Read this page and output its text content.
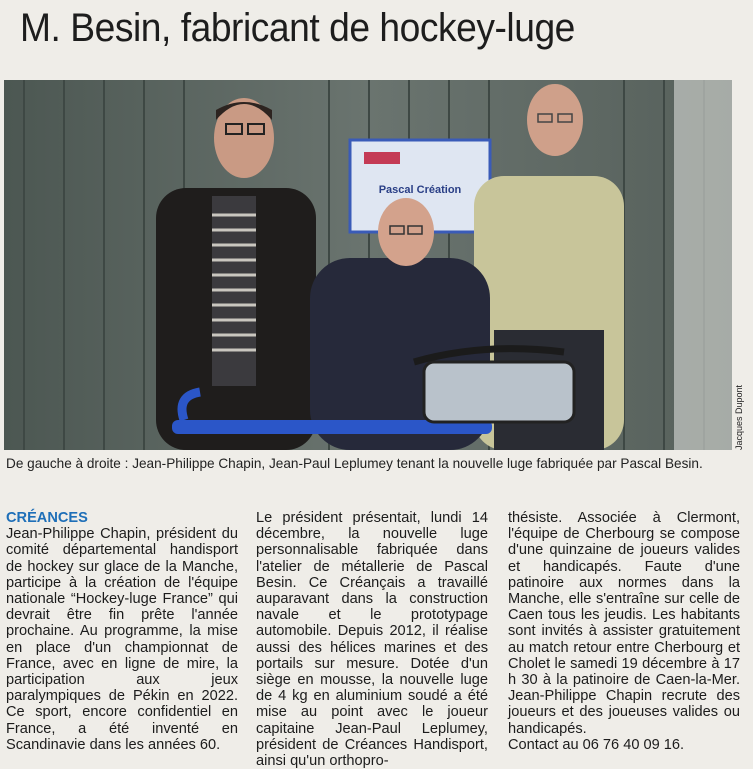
M. Besin, fabricant de hockey-luge
Pascal Création
Jacques Dupont
De gauche à droite : Jean-Philippe Chapin, Jean-Paul Leplumey tenant la nouvelle luge fabriquée par Pascal Besin.
CRÉANCES

Jean-Philippe Chapin, président du comité départemental handisport de hockey sur glace de la Manche, participe à la création de l'équipe nationale “Hockey-luge France” qui devrait être fin prête l'année prochaine. Au programme, la mise en place d'un championnat de France, avec en ligne de mire, la participation aux jeux paralympiques de Pékin en 2022. Ce sport, encore confidentiel en France, a été inventé en Scandinavie dans les années 60.

Le président présentait, lundi 14 décembre, la nouvelle luge personnalisable fabriquée dans l'atelier de métallerie de Pascal Besin. Ce Créançais a travaillé auparavant dans la construction navale et le prototypage automobile. Depuis 2012, il réalise aussi des hélices marines et des portails sur mesure. Dotée d'un siège en mousse, la nouvelle luge de 4 kg en aluminium soudé a été mise au point avec le joueur capitaine Jean-Paul Leplumey, président de Créances Handisport, ainsi qu'un orthopro-

thésiste. Associée à Clermont, l'équipe de Cherbourg se compose d'une quinzaine de joueurs valides et handicapés. Faute d'une patinoire aux normes dans la Manche, elle s'entraîne sur celle de Caen tous les jeudis. Les habitants sont invités à assister gratuitement au match retour entre Cherbourg et Cholet le samedi 19 décembre à 17 h 30 à la patinoire de Caen-la-Mer. Jean-Philippe Chapin recrute des joueurs et des joueuses valides ou handicapés.

Contact au 06 76 40 09 16.
